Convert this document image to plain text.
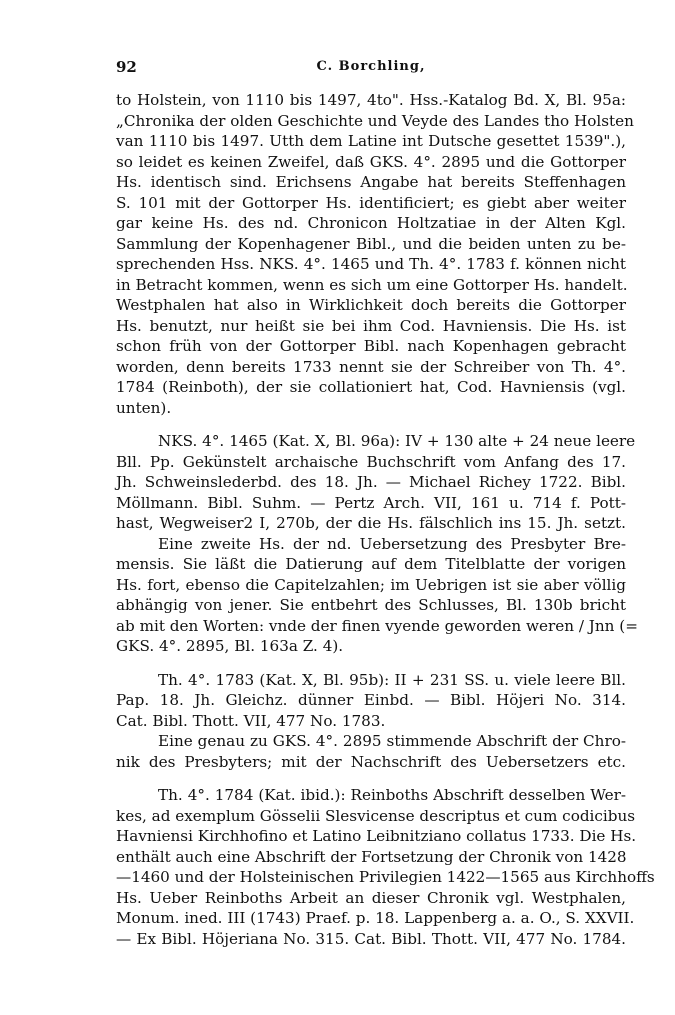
92	C. Borchling,
to Holstein, von 1110 bis 1497, 4to". Hss.-Katalog Bd. X, Bl. 95a:
„Chronika der olden Geschichte und Veyde des Landes tho Holsten
van 1110 bis 1497. Utth dem Latine int Dutsche gesettet 1539".),
so leidet es keinen Zweifel, daß GKS. 4°. 2895 und die Gottorper
Hs. identisch sind. Erichsens Angabe hat bereits Steffenhagen
S. 101 mit der Gottorper Hs. identificiert; es giebt aber weiter
gar keine Hs. des nd. Chronicon Holtzatiae in der Alten Kgl.
Sammlung der Kopenhagener Bibl., und die beiden unten zu be-
sprechenden Hss. NKS. 4°. 1465 und Th. 4°. 1783 f. können nicht
in Betracht kommen, wenn es sich um eine Gottorper Hs. handelt.
Westphalen hat also in Wirklichkeit doch bereits die Gottorper
Hs. benutzt, nur heißt sie bei ihm Cod. Havniensis. Die Hs. ist
schon früh von der Gottorper Bibl. nach Kopenhagen gebracht
worden, denn bereits 1733 nennt sie der Schreiber von Th. 4°.
1784 (Reinboth), der sie collationiert hat, Cod. Havniensis (vgl.
unten).
NKS. 4°. 1465 (Kat. X, Bl. 96a): IV + 130 alte + 24 neue leere
Bll. Pp. Gekünstelt archaische Buchschrift vom Anfang des 17.
Jh. Schweinslederbd. des 18. Jh. — Michael Richey 1722. Bibl.
Möllmann. Bibl. Suhm. — Pertz Arch. VII, 161 u. 714 f. Pott-
hast, Wegweiser2 I, 270b, der die Hs. fälschlich ins 15. Jh. setzt.
Eine zweite Hs. der nd. Uebersetzung des Presbyter Bre-
mensis. Sie läßt die Datierung auf dem Titelblatte der vorigen
Hs. fort, ebenso die Capitelzahlen; im Uebrigen ist sie aber völlig
abhängig von jener. Sie entbehrt des Schlusses, Bl. 130b bricht
ab mit den Worten: vnde der finen vyende geworden weren / Jnn (=
GKS. 4°. 2895, Bl. 163a Z. 4).
Th. 4°. 1783 (Kat. X, Bl. 95b): II + 231 SS. u. viele leere Bll.
Pap. 18. Jh. Gleichz. dünner Einbd. — Bibl. Höjeri No. 314.
Cat. Bibl. Thott. VII, 477 No. 1783.
Eine genau zu GKS. 4°. 2895 stimmende Abschrift der Chro-
nik des Presbyters; mit der Nachschrift des Uebersetzers etc.
Th. 4°. 1784 (Kat. ibid.): Reinboths Abschrift desselben Wer-
kes, ad exemplum Gösselii Slesvicense descriptus et cum codicibus
Havniensi Kirchhofino et Latino Leibnitziano collatus 1733. Die Hs.
enthält auch eine Abschrift der Fortsetzung der Chronik von 1428
—1460 und der Holsteinischen Privilegien 1422—1565 aus Kirchhoffs
Hs. Ueber Reinboths Arbeit an dieser Chronik vgl. Westphalen,
Monum. ined. III (1743) Praef. p. 18. Lappenberg a. a. O., S. XXVII.
— Ex Bibl. Höjeriana No. 315. Cat. Bibl. Thott. VII, 477 No. 1784.
